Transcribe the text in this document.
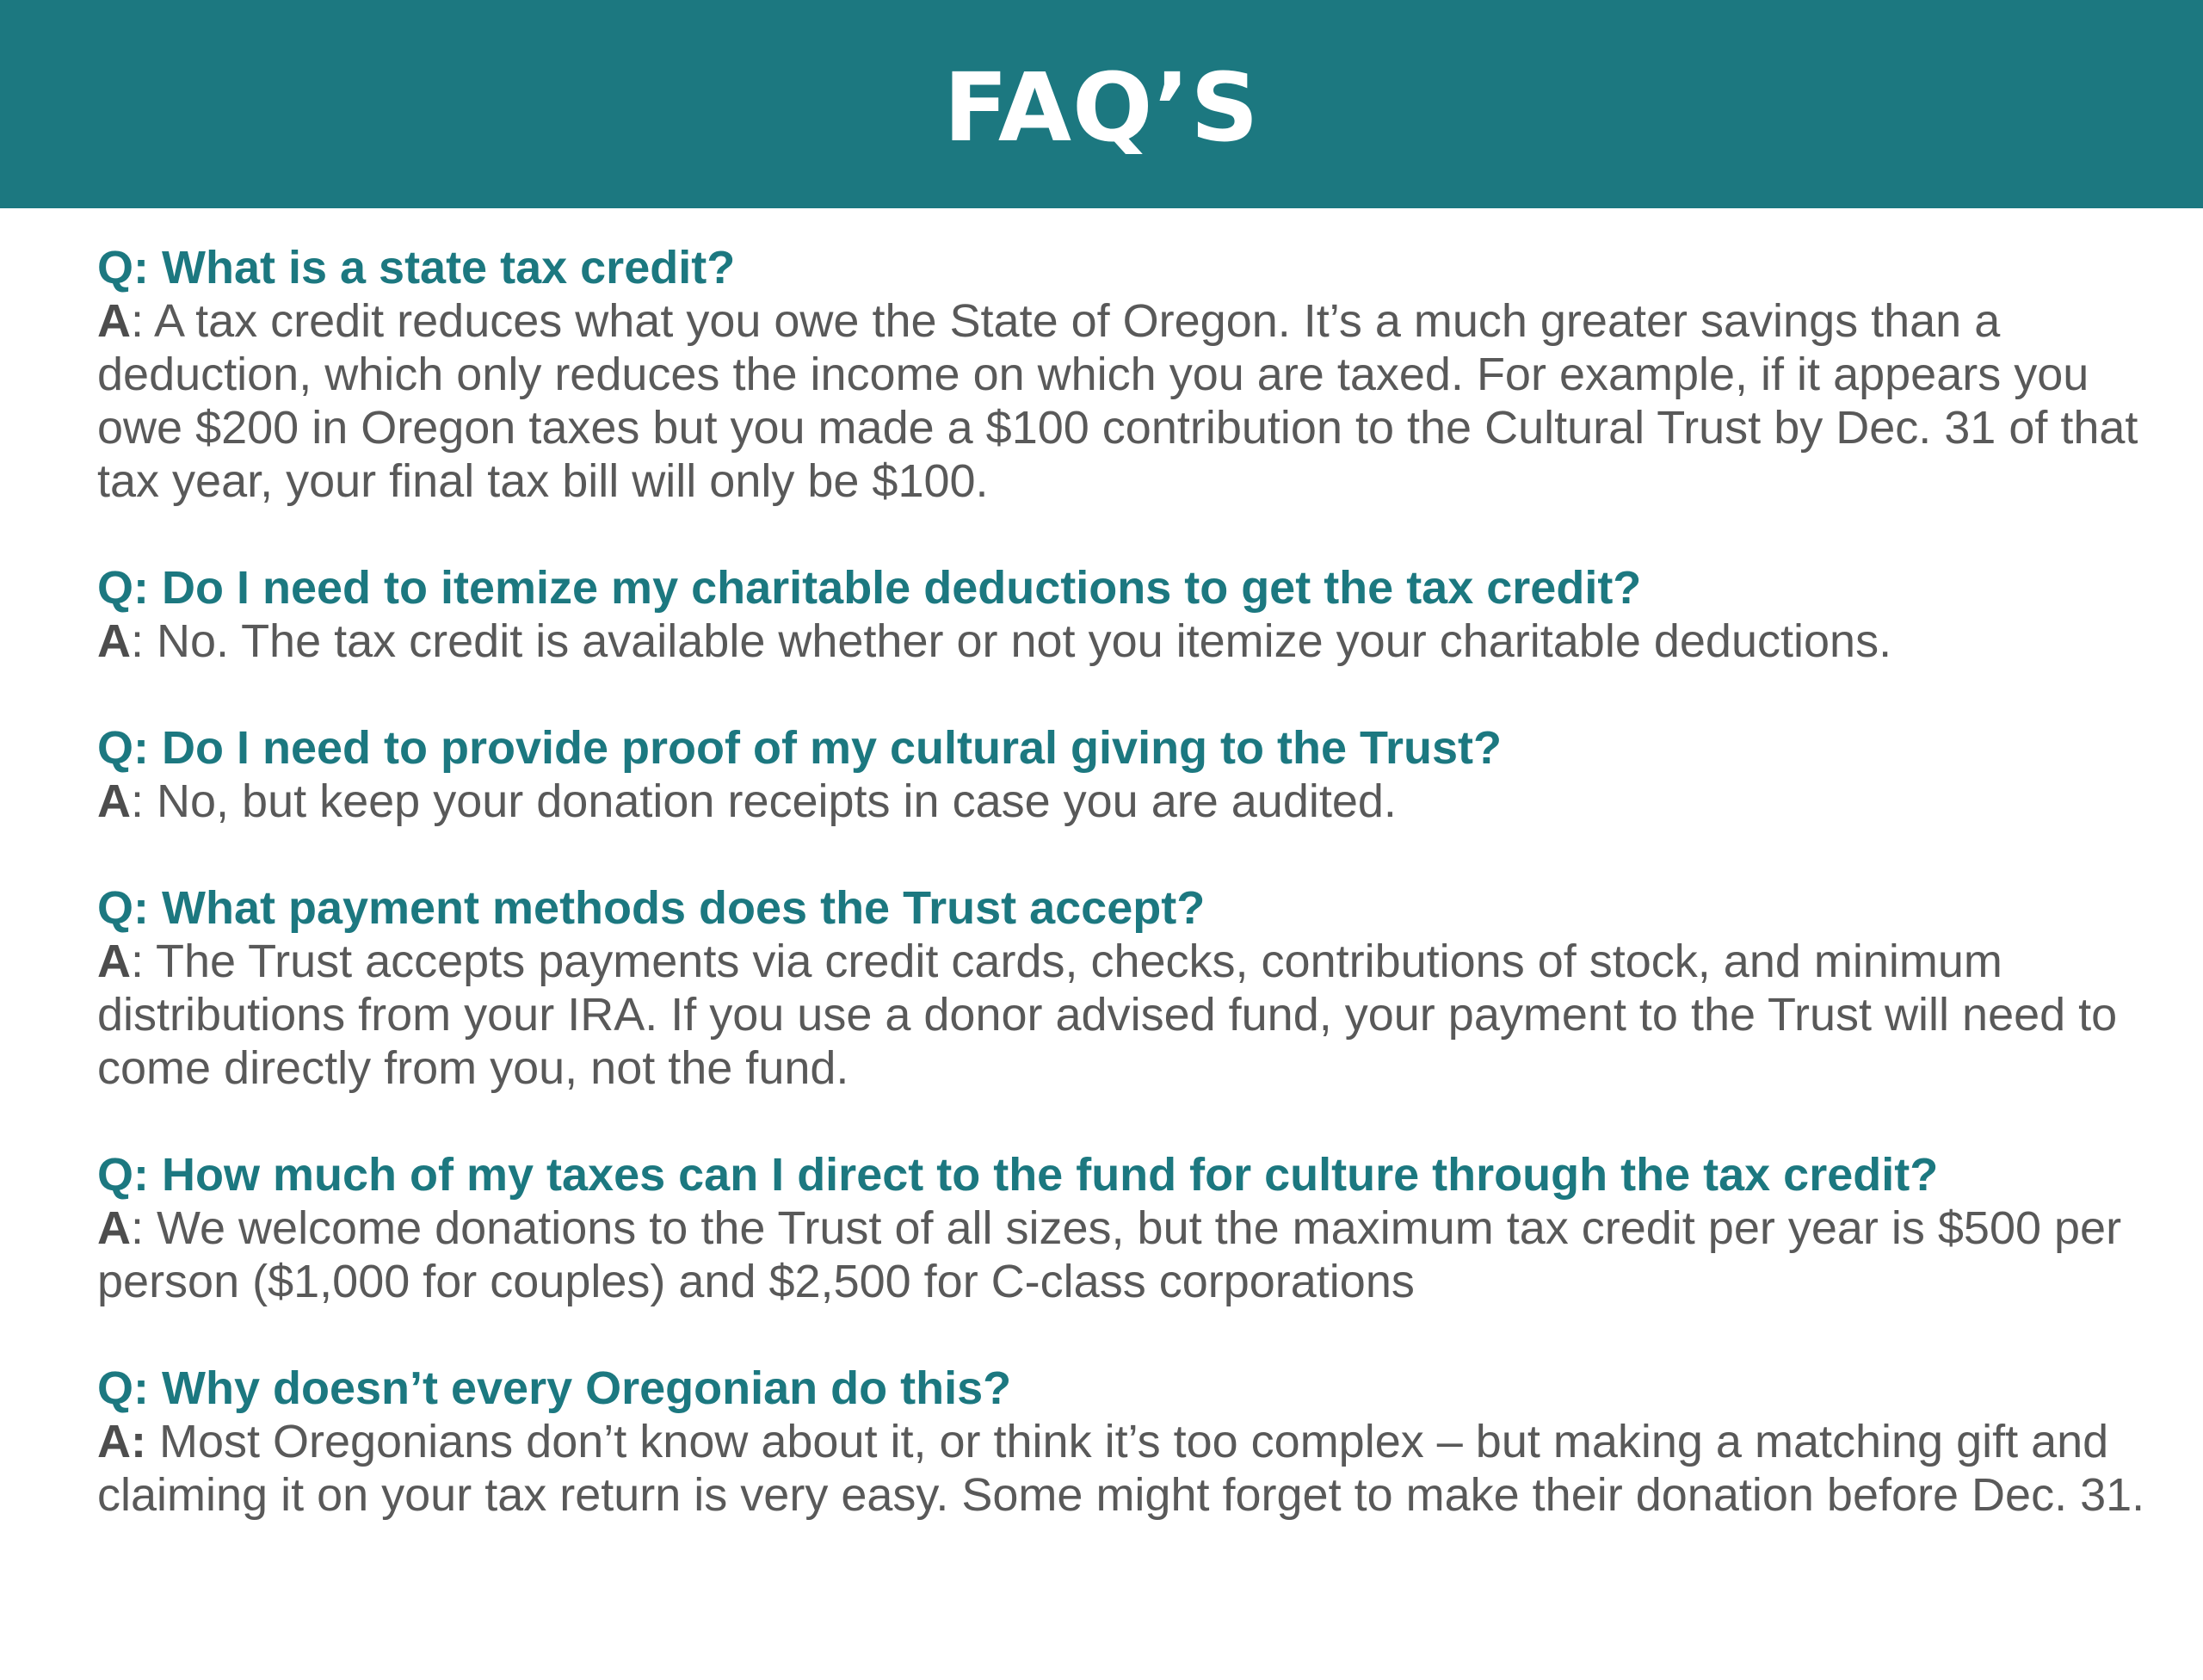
FAQ’S
Q: What is a state tax credit?
A: A tax credit reduces what you owe the State of Oregon. It’s a much greater savings than a deduction, which only reduces the income on which you are taxed. For example, if it appears you owe $200 in Oregon taxes but you made a $100 contribution to the Cultural Trust by Dec. 31 of that tax year, your final tax bill will only be $100.
Q: Do I need to itemize my charitable deductions to get the tax credit?
A: No. The tax credit is available whether or not you itemize your charitable deductions.
Q: Do I need to provide proof of my cultural giving to the Trust?
A: No, but keep your donation receipts in case you are audited.
Q: What payment methods does the Trust accept?
A: The Trust accepts payments via credit cards, checks, contributions of stock, and minimum distributions from your IRA. If you use a donor advised fund, your payment to the Trust will need to come directly from you, not the fund.
Q: How much of my taxes can I direct to the fund for culture through the tax credit?
A: We welcome donations to the Trust of all sizes, but the maximum tax credit per year is $500 per person ($1,000 for couples) and $2,500 for C-class corporations
Q: Why doesn’t every Oregonian do this?
A: Most Oregonians don’t know about it, or think it’s too complex – but making a matching gift and claiming it on your tax return is very easy. Some might forget to make their donation before Dec. 31.
